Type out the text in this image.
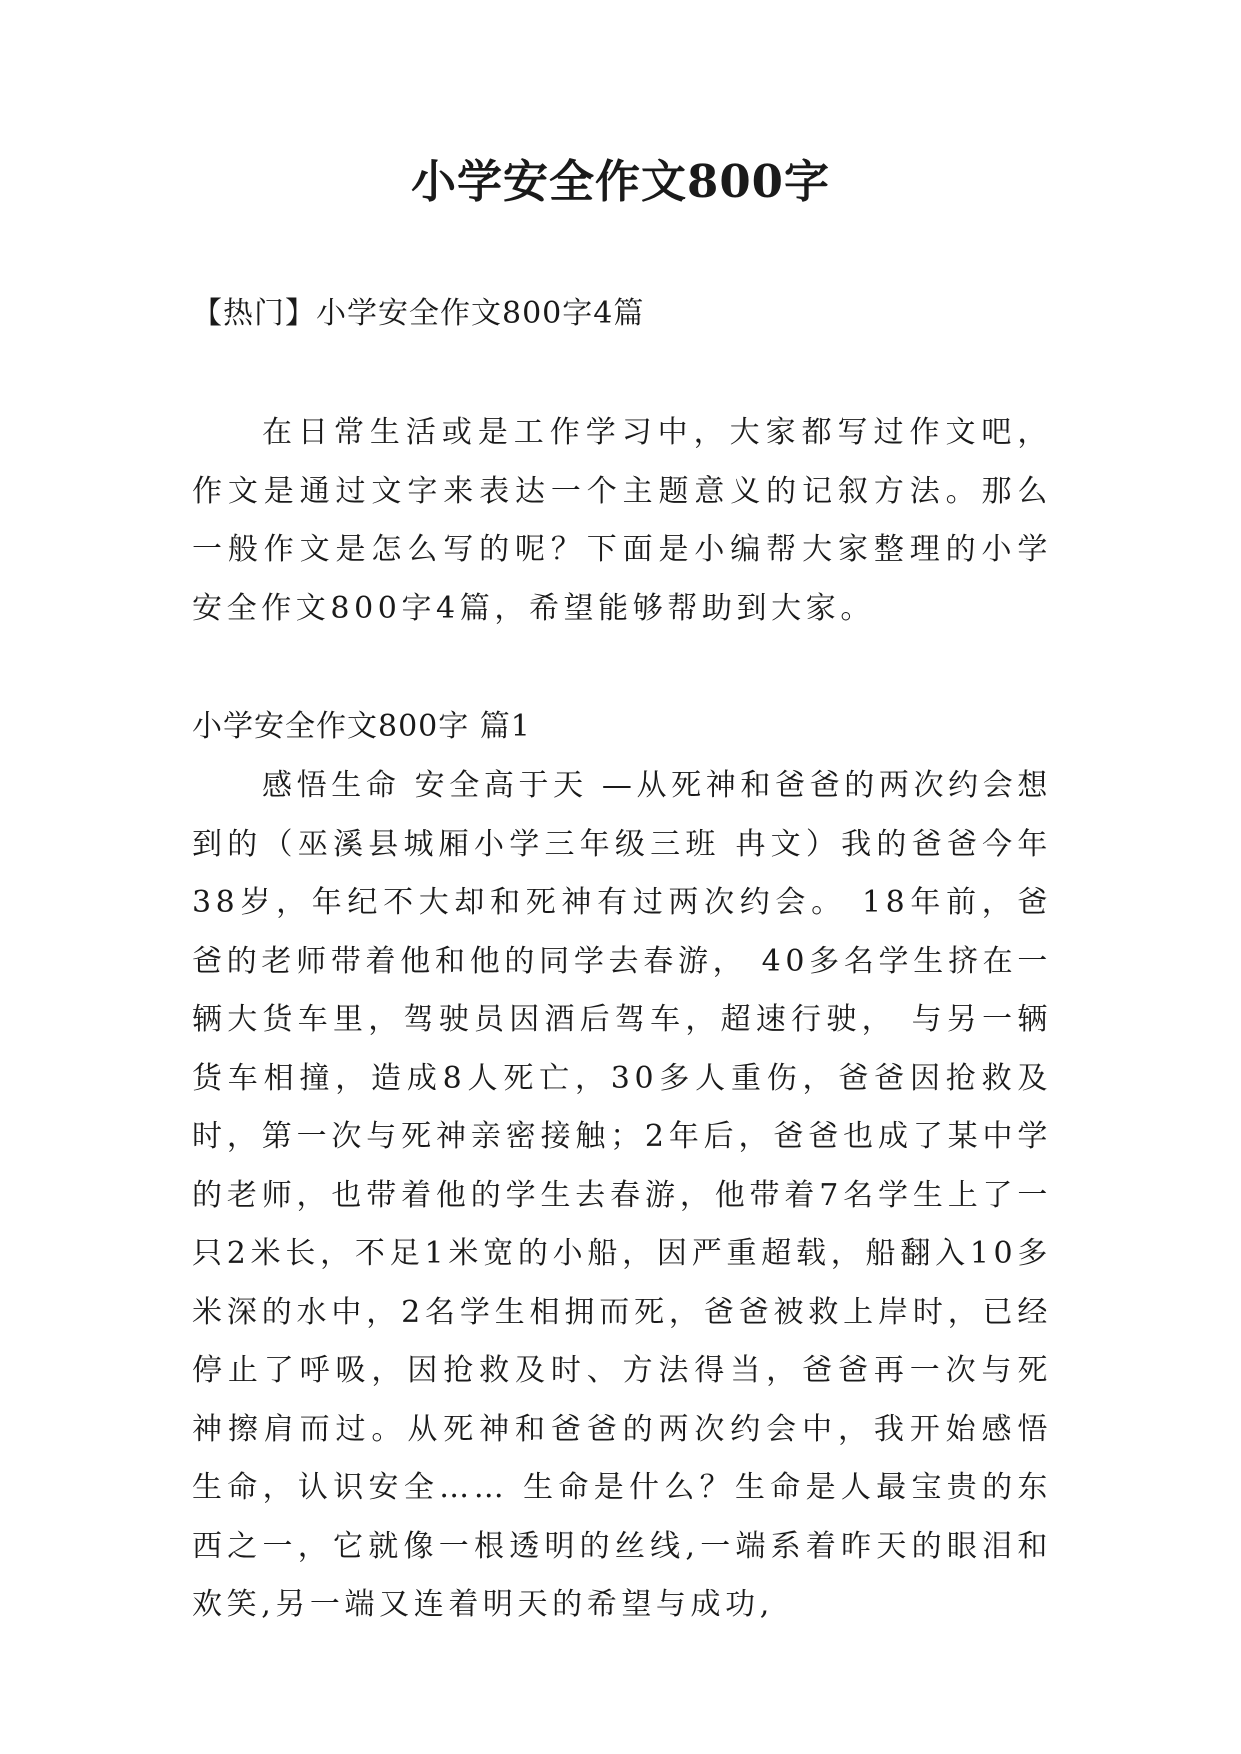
小学安全作文800字
【热门】小学安全作文800字4篇
在日常生活或是工作学习中，大家都写过作文吧，作文是通过文字来表达一个主题意义的记叙方法。那么一般作文是怎么写的呢？下面是小编帮大家整理的小学安全作文800字4篇，希望能够帮助到大家。
小学安全作文800字 篇1
感悟生命 安全高于天 —从死神和爸爸的两次约会想到的（巫溪县城厢小学三年级三班 冉文）我的爸爸今年38岁，年纪不大却和死神有过两次约会。 18年前，爸爸的老师带着他和他的同学去春游， 40多名学生挤在一辆大货车里，驾驶员因酒后驾车，超速行驶， 与另一辆货车相撞，造成8人死亡，30多人重伤，爸爸因抢救及时，第一次与死神亲密接触；2年后，爸爸也成了某中学的老师，也带着他的学生去春游，他带着7名学生上了一只2米长，不足1米宽的小船，因严重超载，船翻入10多米深的水中，2名学生相拥而死，爸爸被救上岸时，已经停止了呼吸，因抢救及时、方法得当，爸爸再一次与死神擦肩而过。从死神和爸爸的两次约会中，我开始感悟生命，认识安全…… 生命是什么？生命是人最宝贵的东西之一，它就像一根透明的丝线,一端系着昨天的眼泪和欢笑,另一端又连着明天的希望与成功,
